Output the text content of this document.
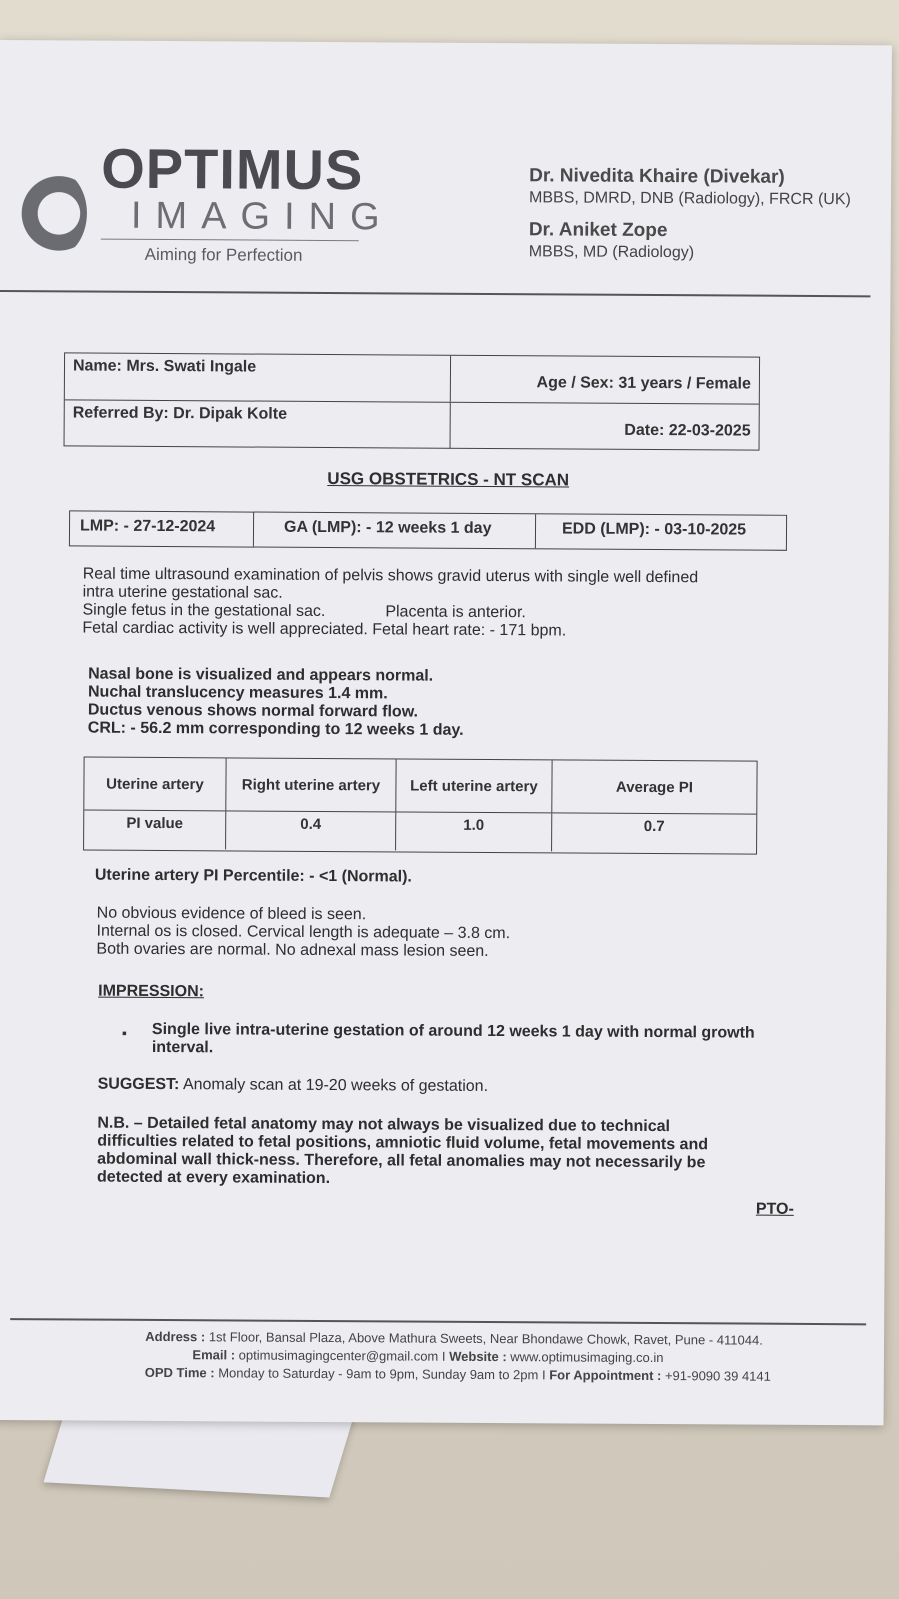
OPTIMUS
IMAGING
Aiming for Perfection
Dr. Nivedita Khaire (Divekar)
MBBS, DMRD, DNB (Radiology), FRCR (UK)
Dr. Aniket Zope
MBBS, MD (Radiology)
Name: Mrs. Swati Ingale
Age / Sex: 31 years / Female
Referred By: Dr. Dipak Kolte
Date: 22-03-2025
USG OBSTETRICS - NT SCAN
LMP: - 27-12-2024	GA (LMP): - 12 weeks 1 day	EDD (LMP): - 03-10-2025
Real time ultrasound examination of pelvis shows gravid uterus with single well defined
intra uterine gestational sac.
Single fetus in the gestational sac.	Placenta is anterior.
Fetal cardiac activity is well appreciated. Fetal heart rate: - 171 bpm.
Nasal bone is visualized and appears normal.
Nuchal translucency measures 1.4 mm.
Ductus venous shows normal forward flow.
CRL: - 56.2 mm corresponding to 12 weeks 1 day.
Uterine artery	Right uterine artery	Left uterine artery	Average PI
PI value	0.4	1.0	0.7
Uterine artery PI Percentile: - <1 (Normal).
No obvious evidence of bleed is seen.
Internal os is closed. Cervical length is adequate – 3.8 cm.
Both ovaries are normal. No adnexal mass lesion seen.
IMPRESSION:
▪ Single live intra-uterine gestation of around 12 weeks 1 day with normal growth
interval.
SUGGEST: Anomaly scan at 19-20 weeks of gestation.
N.B. – Detailed fetal anatomy may not always be visualized due to technical
difficulties related to fetal positions, amniotic fluid volume, fetal movements and
abdominal wall thick-ness. Therefore, all fetal anomalies may not necessarily be
detected at every examination.
PTO-
Address : 1st Floor, Bansal Plaza, Above Mathura Sweets, Near Bhondawe Chowk, Ravet, Pune - 411044.
Email : optimusimagingcenter@gmail.com I Website : www.optimusimaging.co.in
OPD Time : Monday to Saturday - 9am to 9pm, Sunday 9am to 2pm I For Appointment : +91-9090 39 4141
